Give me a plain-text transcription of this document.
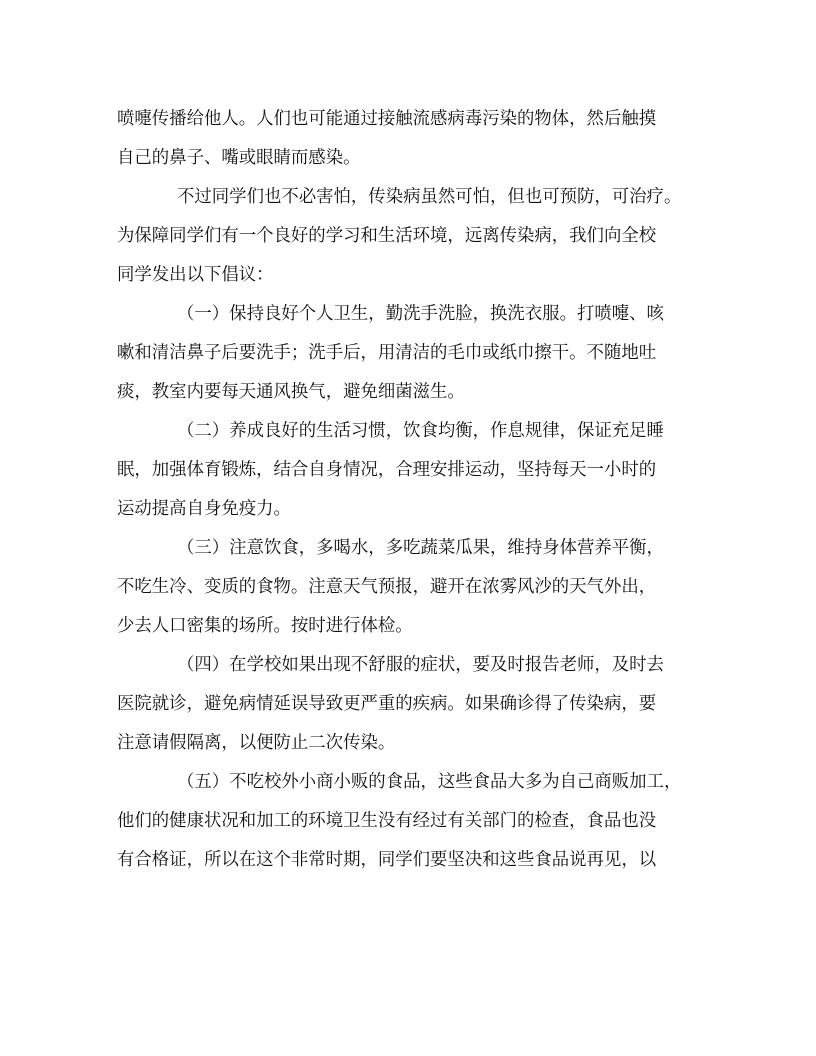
喷嚏传播给他人。人们也可能通过接触流感病毒污染的物体，然后触摸
自己的鼻子、嘴或眼睛而感染。
不过同学们也不必害怕，传染病虽然可怕，但也可预防，可治疗。
为保障同学们有一个良好的学习和生活环境，远离传染病，我们向全校
同学发出以下倡议：
（一）保持良好个人卫生，勤洗手洗脸，换洗衣服。打喷嚏、咳
嗽和清洁鼻子后要洗手；洗手后，用清洁的毛巾或纸巾擦干。不随地吐
痰，教室内要每天通风换气，避免细菌滋生。
（二）养成良好的生活习惯，饮食均衡，作息规律，保证充足睡
眠，加强体育锻炼，结合自身情况，合理安排运动，坚持每天一小时的
运动提高自身免疫力。
（三）注意饮食，多喝水，多吃蔬菜瓜果，维持身体营养平衡，
不吃生冷、变质的食物。注意天气预报，避开在浓雾风沙的天气外出，
少去人口密集的场所。按时进行体检。
（四）在学校如果出现不舒服的症状，要及时报告老师，及时去
医院就诊，避免病情延误导致更严重的疾病。如果确诊得了传染病，要
注意请假隔离，以便防止二次传染。
（五）不吃校外小商小贩的食品，这些食品大多为自己商贩加工，
他们的健康状况和加工的环境卫生没有经过有关部门的检查，食品也没
有合格证，所以在这个非常时期，同学们要坚决和这些食品说再见，以
